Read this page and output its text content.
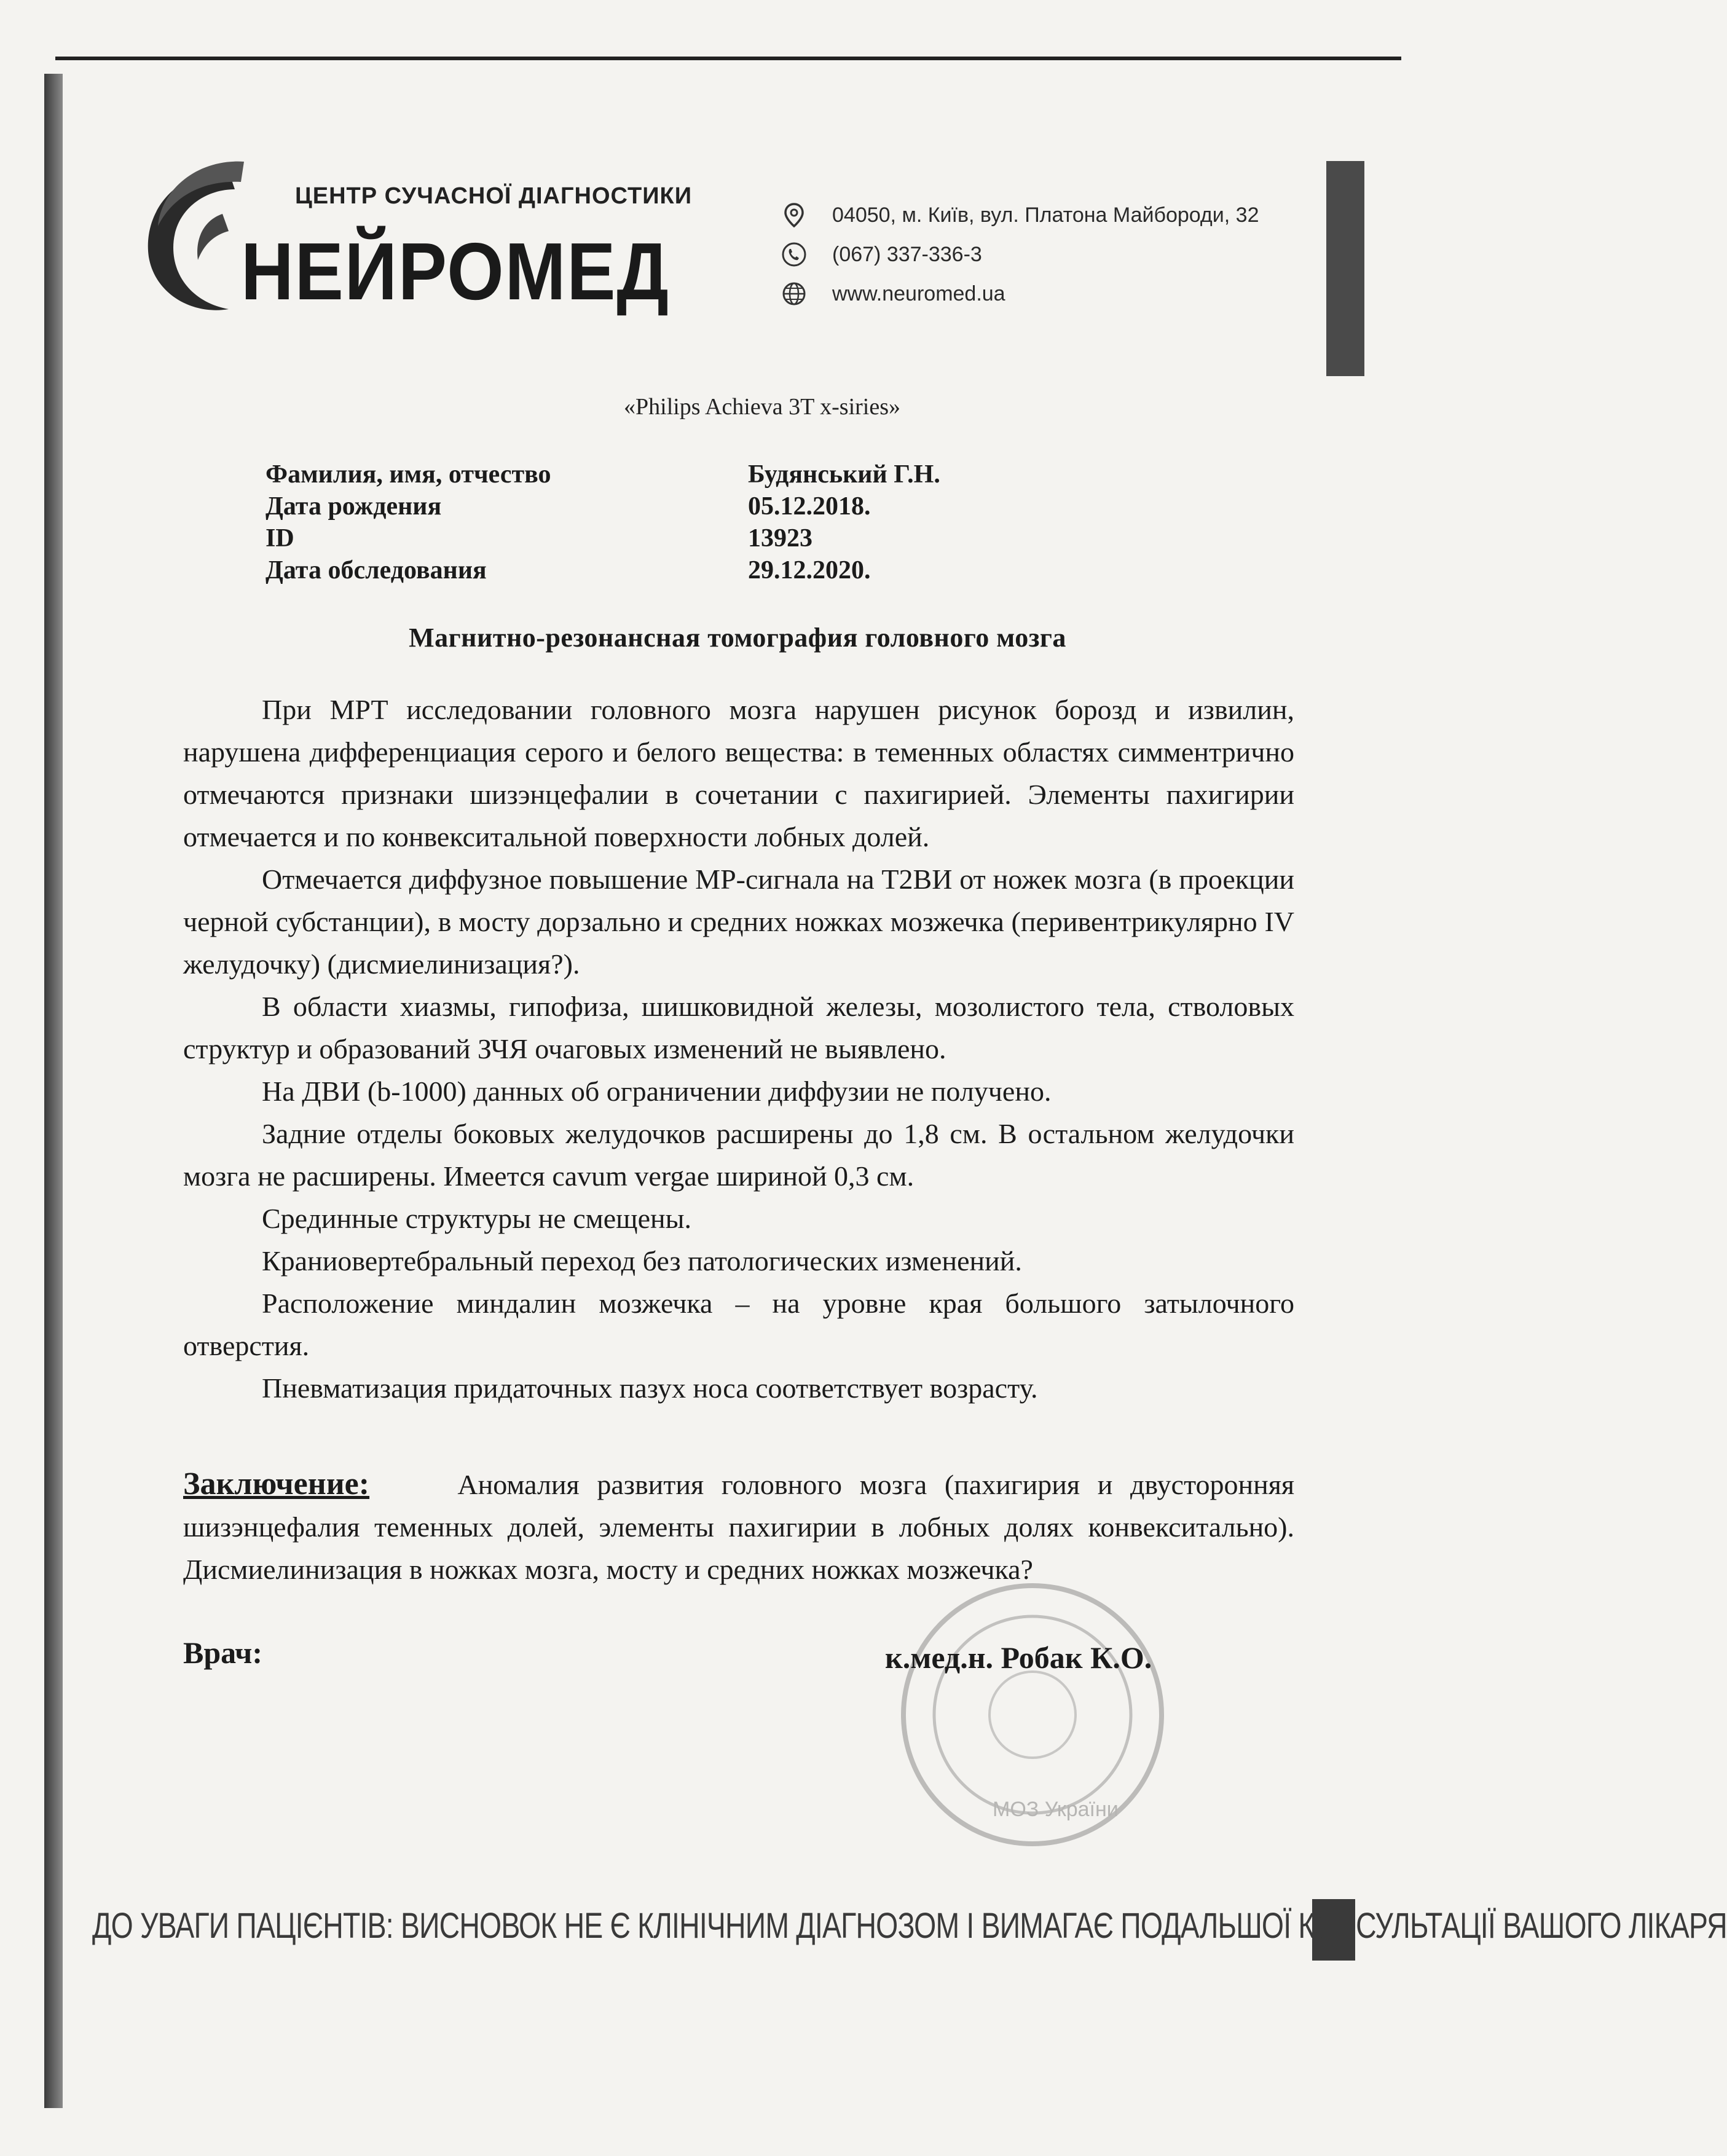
ЦЕНТР СУЧАСНОЇ ДІАГНОСТИКИ
НЕЙРОМЕД
04050, м. Київ, вул. Платона Майбороди, 32
(067) 337-336-3
www.neuromed.ua
«Philips Achieva 3T x-siries»
Фамилия, имя, отчество	Будянський Г.Н.
Дата рождения	05.12.2018.
ID	13923
Дата обследования	29.12.2020.
Магнитно-резонансная томография головного мозга

При МРТ исследовании головного мозга нарушен рисунок борозд и извилин, нарушена дифференциация серого и белого вещества: в теменных областях симментрично отмечаются признаки шизэнцефалии в сочетании с пахигирией. Элементы пахигирии отмечается и по конвекситальной поверхности лобных долей.

Отмечается диффузное повышение МР-сигнала на Т2ВИ от ножек мозга (в проекции черной субстанции), в мосту дорзально и средних ножках мозжечка (перивентрикулярно IV желудочку) (дисмиелинизация?).

В области хиазмы, гипофиза, шишковидной железы, мозолистого тела, стволовых структур и образований ЗЧЯ очаговых изменений не выявлено.

На ДВИ (b-1000) данных об ограничении диффузии не получено.

Задние отделы боковых желудочков расширены до 1,8 см. В остальном желудочки мозга не расширены. Имеется cavum vergae шириной 0,3 см.

Срединные структуры не смещены.

Краниовертебральный переход без патологических изменений.

Расположение миндалин мозжечка – на уровне края большого затылочного отверстия.

Пневматизация придаточных пазух носа соответствует возрасту.

Заключение:	Аномалия развития головного мозга (пахигирия и двусторонняя шизэнцефалия теменных долей, элементы пахигирии в лобных долях конвекситально). Дисмиелинизация в ножках мозга, мосту и средних ножках мозжечка?
МОЗ України
Врач:	к.мед.н. Робак К.О.
ДО УВАГИ ПАЦІЄНТІВ: ВИСНОВОК НЕ Є КЛІНІЧНИМ ДІАГНОЗОМ І ВИМАГАЄ ПОДАЛЬШОЇ КОНСУЛЬТАЦІЇ ВАШОГО ЛІКАРЯ
